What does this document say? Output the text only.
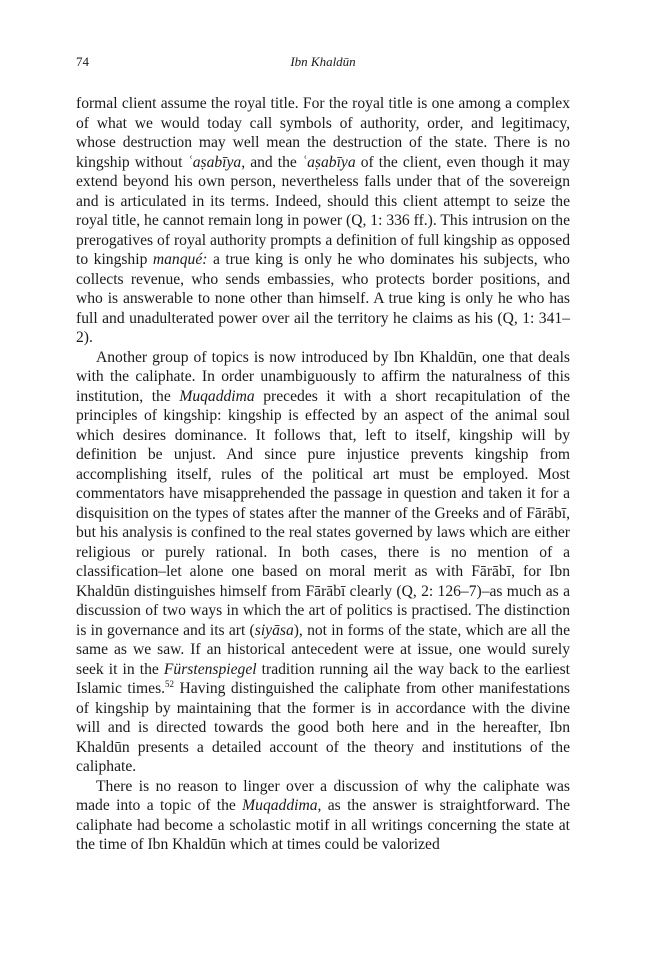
74	Ibn Khaldūn

formal client assume the royal title. For the royal title is one among a complex of what we would today call symbols of authority, order, and legitimacy, whose destruction may well mean the destruction of the state. There is no kingship without ʿaṣabīya, and the ʿaṣabīya of the client, even though it may extend beyond his own person, nevertheless falls under that of the sovereign and is articulated in its terms. Indeed, should this client attempt to seize the royal title, he cannot remain long in power (Q, 1: 336 ff.). This intrusion on the prerogatives of royal authority prompts a definition of full kingship as opposed to kingship manqué: a true king is only he who dominates his subjects, who collects revenue, who sends embassies, who protects border positions, and who is answerable to none other than himself. A true king is only he who has full and unadulterated power over ail the territory he claims as his (Q, 1: 341–2).

Another group of topics is now introduced by Ibn Khaldūn, one that deals with the caliphate. In order unambiguously to affirm the naturalness of this institution, the Muqaddima precedes it with a short recapitulation of the principles of kingship: kingship is effected by an aspect of the animal soul which desires dominance. It follows that, left to itself, kingship will by definition be unjust. And since pure injustice prevents kingship from accomplishing itself, rules of the political art must be employed. Most commentators have misapprehended the passage in question and taken it for a disquisition on the types of states after the manner of the Greeks and of Fārābī, but his analysis is confined to the real states governed by laws which are either religious or purely rational. In both cases, there is no mention of a classification–let alone one based on moral merit as with Fārābī, for Ibn Khaldūn distinguishes himself from Fārābī clearly (Q, 2: 126–7)–as much as a discussion of two ways in which the art of politics is practised. The distinction is in governance and its art (siyāsa), not in forms of the state, which are all the same as we saw. If an historical antecedent were at issue, one would surely seek it in the Fürstenspiegel tradition running ail the way back to the earliest Islamic times.$^{52}$ Having distinguished the caliphate from other manifestations of kingship by maintaining that the former is in accordance with the divine will and is directed towards the good both here and in the hereafter, Ibn Khaldūn presents a detailed account of the theory and institutions of the caliphate.

There is no reason to linger over a discussion of why the caliphate was made into a topic of the Muqaddima, as the answer is straightforward. The caliphate had become a scholastic motif in all writings concerning the state at the time of Ibn Khaldūn which at times could be valorized
